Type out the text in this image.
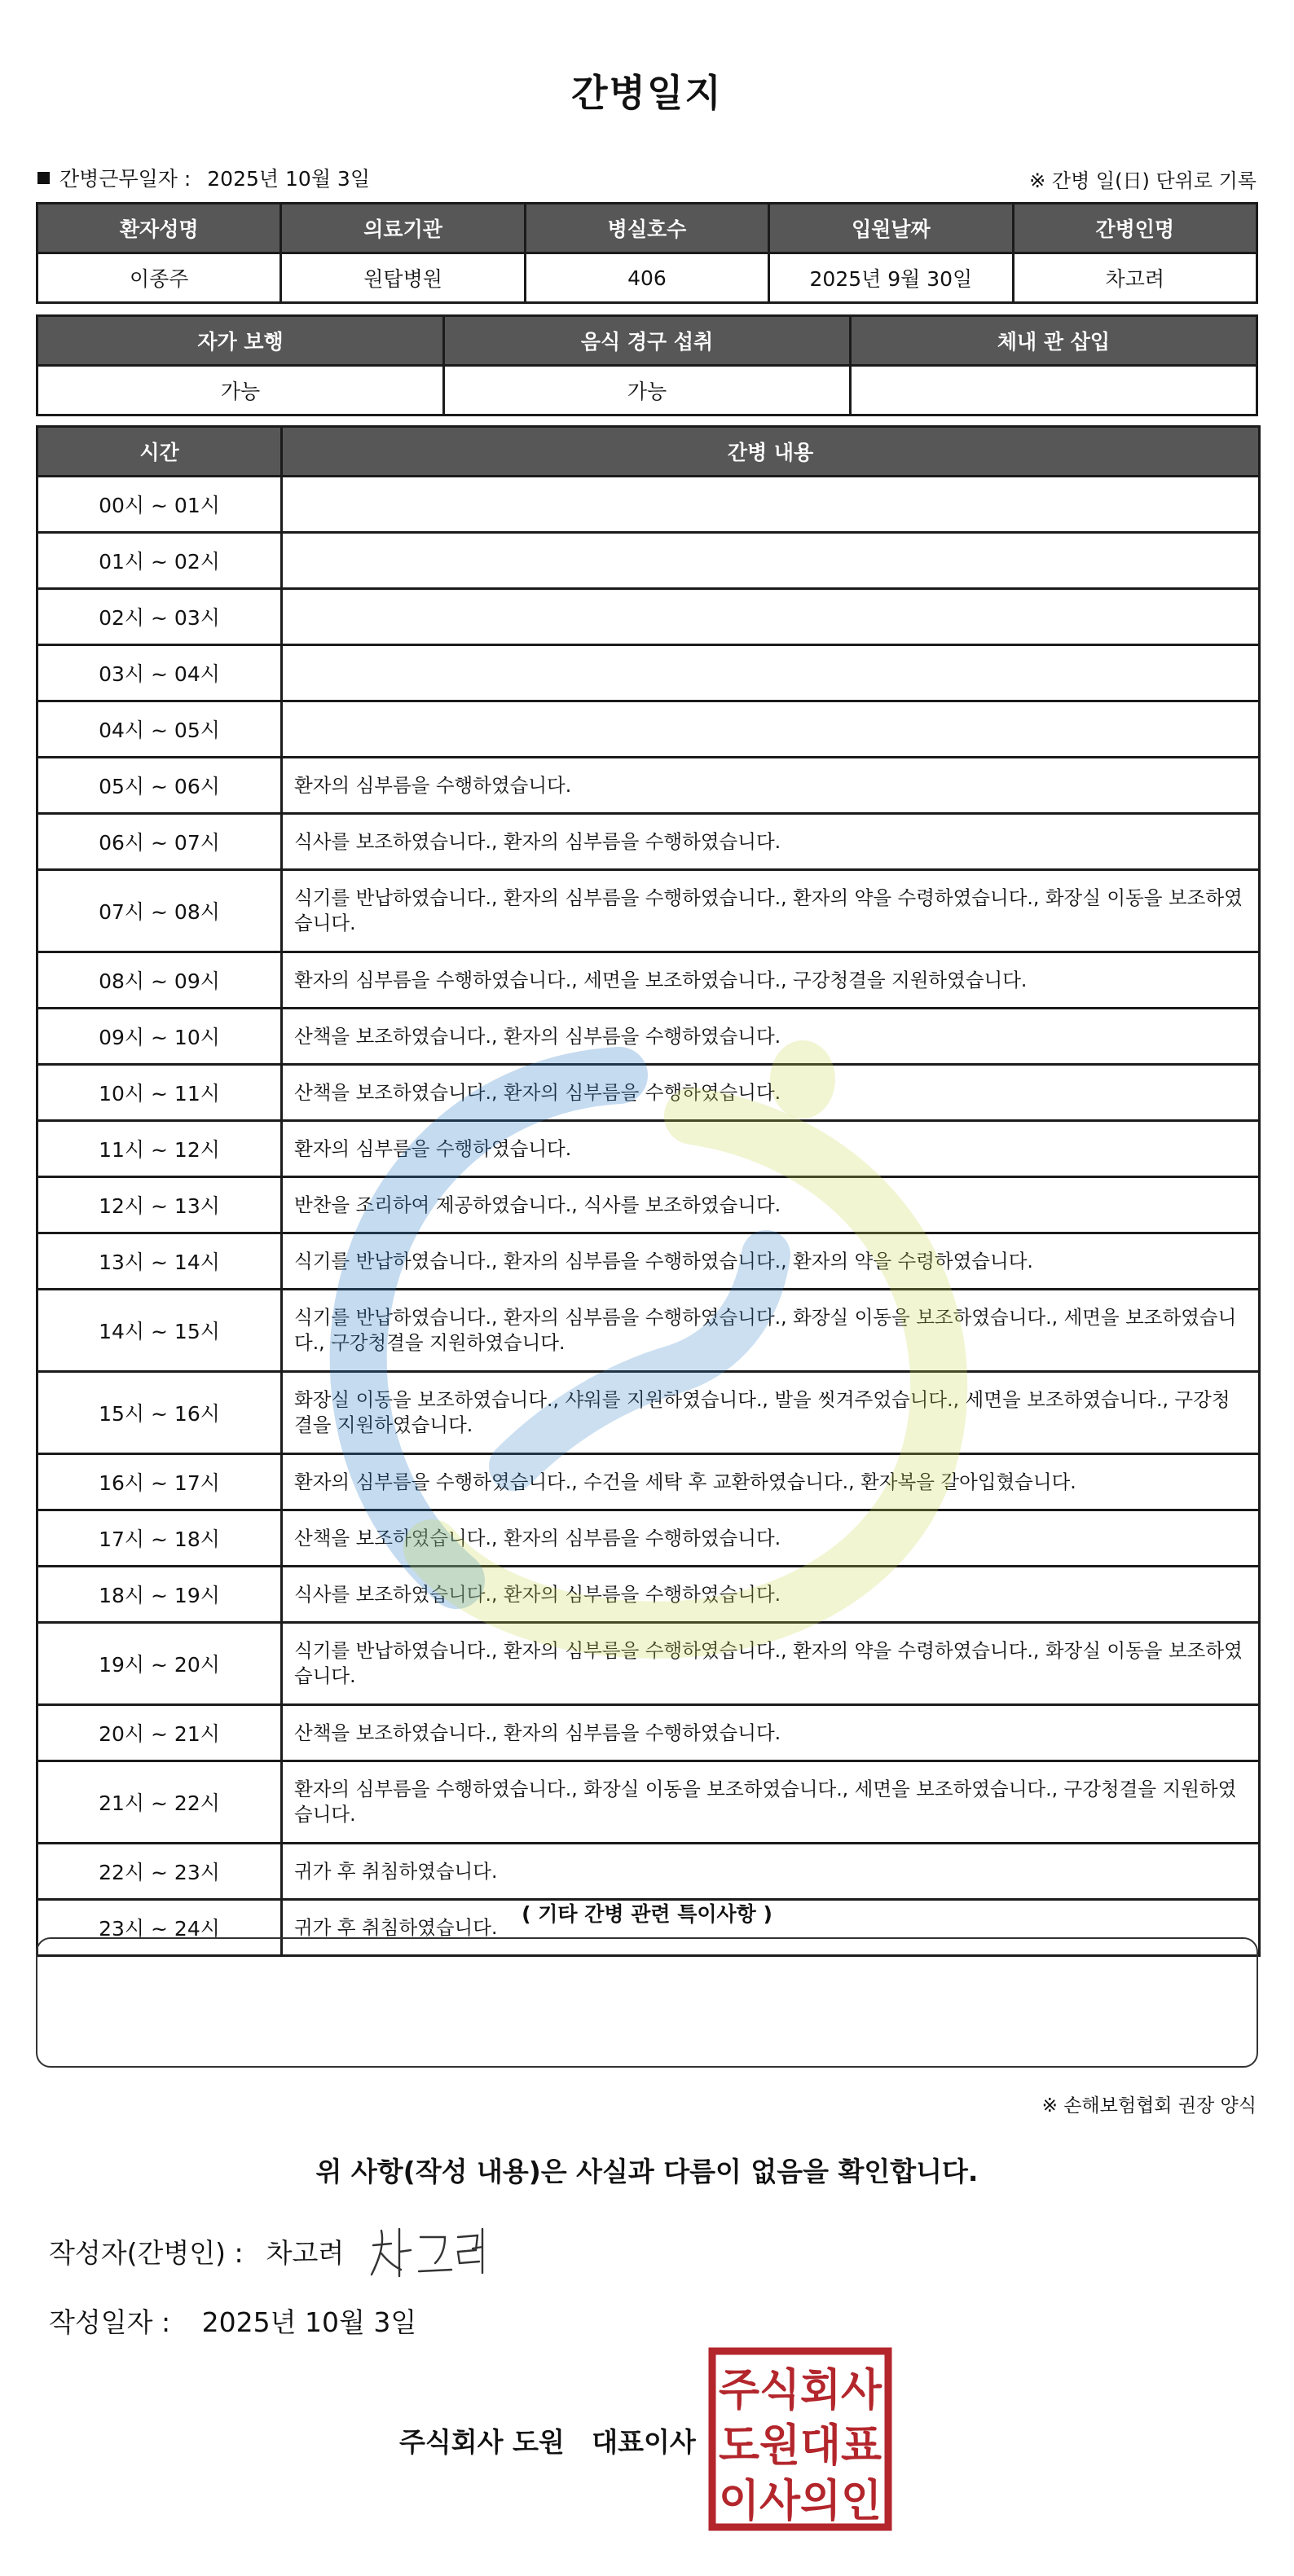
간병일지
간병근무일자 : 2025년 10월 3일	※ 간병 일(日) 단위로 기록
환자성명	의료기관	병실호수	입원날짜	간병인명
이종주	원탑병원	406	2025년 9월 30일	차고려
자가 보행	음식 경구 섭취	체내 관 삽입
가능	가능	
시간	간병 내용
00시 ~ 01시	
01시 ~ 02시	
02시 ~ 03시	
03시 ~ 04시	
04시 ~ 05시	
05시 ~ 06시	환자의 심부름을 수행하였습니다.
06시 ~ 07시	식사를 보조하였습니다., 환자의 심부름을 수행하였습니다.
07시 ~ 08시	식기를 반납하였습니다., 환자의 심부름을 수행하였습니다., 환자의 약을 수령하였습니다., 화장실 이동을 보조하였습니다.
08시 ~ 09시	환자의 심부름을 수행하였습니다., 세면을 보조하였습니다., 구강청결을 지원하였습니다.
09시 ~ 10시	산책을 보조하였습니다., 환자의 심부름을 수행하였습니다.
10시 ~ 11시	산책을 보조하였습니다., 환자의 심부름을 수행하였습니다.
11시 ~ 12시	환자의 심부름을 수행하였습니다.
12시 ~ 13시	반찬을 조리하여 제공하였습니다., 식사를 보조하였습니다.
13시 ~ 14시	식기를 반납하였습니다., 환자의 심부름을 수행하였습니다., 환자의 약을 수령하였습니다.
14시 ~ 15시	식기를 반납하였습니다., 환자의 심부름을 수행하였습니다., 화장실 이동을 보조하였습니다., 세면을 보조하였습니다., 구강청결을 지원하였습니다.
15시 ~ 16시	화장실 이동을 보조하였습니다., 샤워를 지원하였습니다., 발을 씻겨주었습니다., 세면을 보조하였습니다., 구강청결을 지원하였습니다.
16시 ~ 17시	환자의 심부름을 수행하였습니다., 수건을 세탁 후 교환하였습니다., 환자복을 갈아입혔습니다.
17시 ~ 18시	산책을 보조하였습니다., 환자의 심부름을 수행하였습니다.
18시 ~ 19시	식사를 보조하였습니다., 환자의 심부름을 수행하였습니다.
19시 ~ 20시	식기를 반납하였습니다., 환자의 심부름을 수행하였습니다., 환자의 약을 수령하였습니다., 화장실 이동을 보조하였습니다.
20시 ~ 21시	산책을 보조하였습니다., 환자의 심부름을 수행하였습니다.
21시 ~ 22시	환자의 심부름을 수행하였습니다., 화장실 이동을 보조하였습니다., 세면을 보조하였습니다., 구강청결을 지원하였습니다.
22시 ~ 23시	귀가 후 취침하였습니다.
23시 ~ 24시	귀가 후 취침하였습니다.
( 기타 간병 관련 특이사항 )
※ 손해보험협회 권장 양식
위 사항(작성 내용)은 사실과 다름이 없음을 확인합니다.
작성자(간병인) : 차고려
작성일자 : 2025년 10월 3일
주식회사 도원 대표이사
주식회사
도원대표
이사의인
